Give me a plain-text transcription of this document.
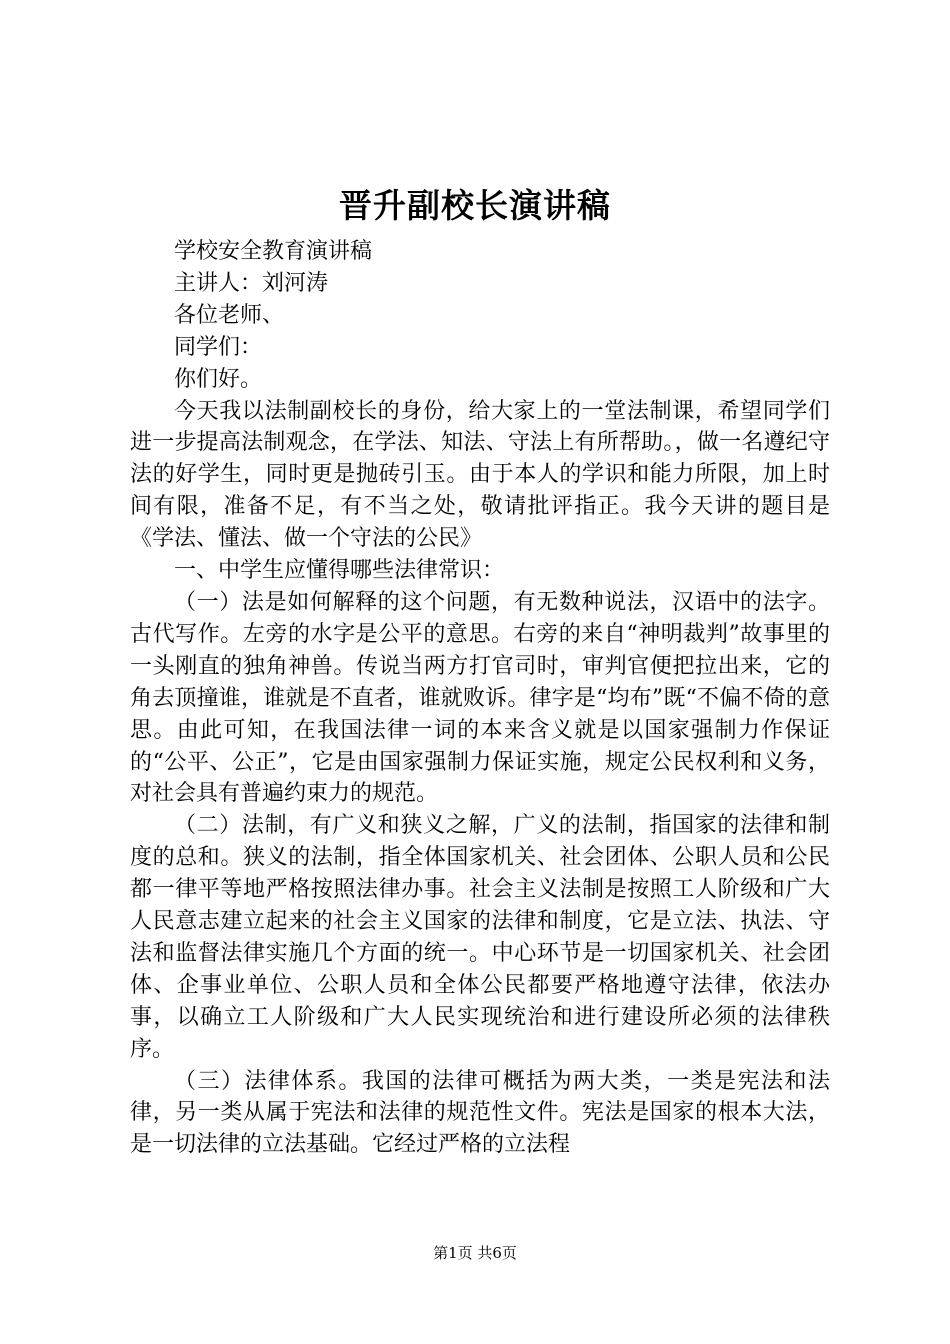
晋升副校长演讲稿

学校安全教育演讲稿

主讲人：刘河涛

各位老师、

同学们：

你们好。

今天我以法制副校长的身份，给大家上的一堂法制课，希望同学们进一步提高法制观念，在学法、知法、守法上有所帮助。，做一名遵纪守法的好学生，同时更是抛砖引玉。由于本人的学识和能力所限，加上时间有限，准备不足，有不当之处，敬请批评指正。我今天讲的题目是《学法、懂法、做一个守法的公民》

一、中学生应懂得哪些法律常识：

（一）法是如何解释的这个问题，有无数种说法，汉语中的法字。古代写作。左旁的水字是公平的意思。右旁的来自“神明裁判”故事里的一头刚直的独角神兽。传说当两方打官司时，审判官便把拉出来，它的角去顶撞谁，谁就是不直者，谁就败诉。律字是“均布”既“不偏不倚的意思。由此可知，在我国法律一词的本来含义就是以国家强制力作保证的“公平、公正”，它是由国家强制力保证实施，规定公民权利和义务，对社会具有普遍约束力的规范。

（二）法制，有广义和狭义之解，广义的法制，指国家的法律和制度的总和。狭义的法制，指全体国家机关、社会团体、公职人员和公民都一律平等地严格按照法律办事。社会主义法制是按照工人阶级和广大人民意志建立起来的社会主义国家的法律和制度，它是立法、执法、守法和监督法律实施几个方面的统一。中心环节是一切国家机关、社会团体、企事业单位、公职人员和全体公民都要严格地遵守法律，依法办事，以确立工人阶级和广大人民实现统治和进行建设所必须的法律秩序。

（三）法律体系。我国的法律可概括为两大类，一类是宪法和法律，另一类从属于宪法和法律的规范性文件。宪法是国家的根本大法，是一切法律的立法基础。它经过严格的立法程

第1页 共6页
